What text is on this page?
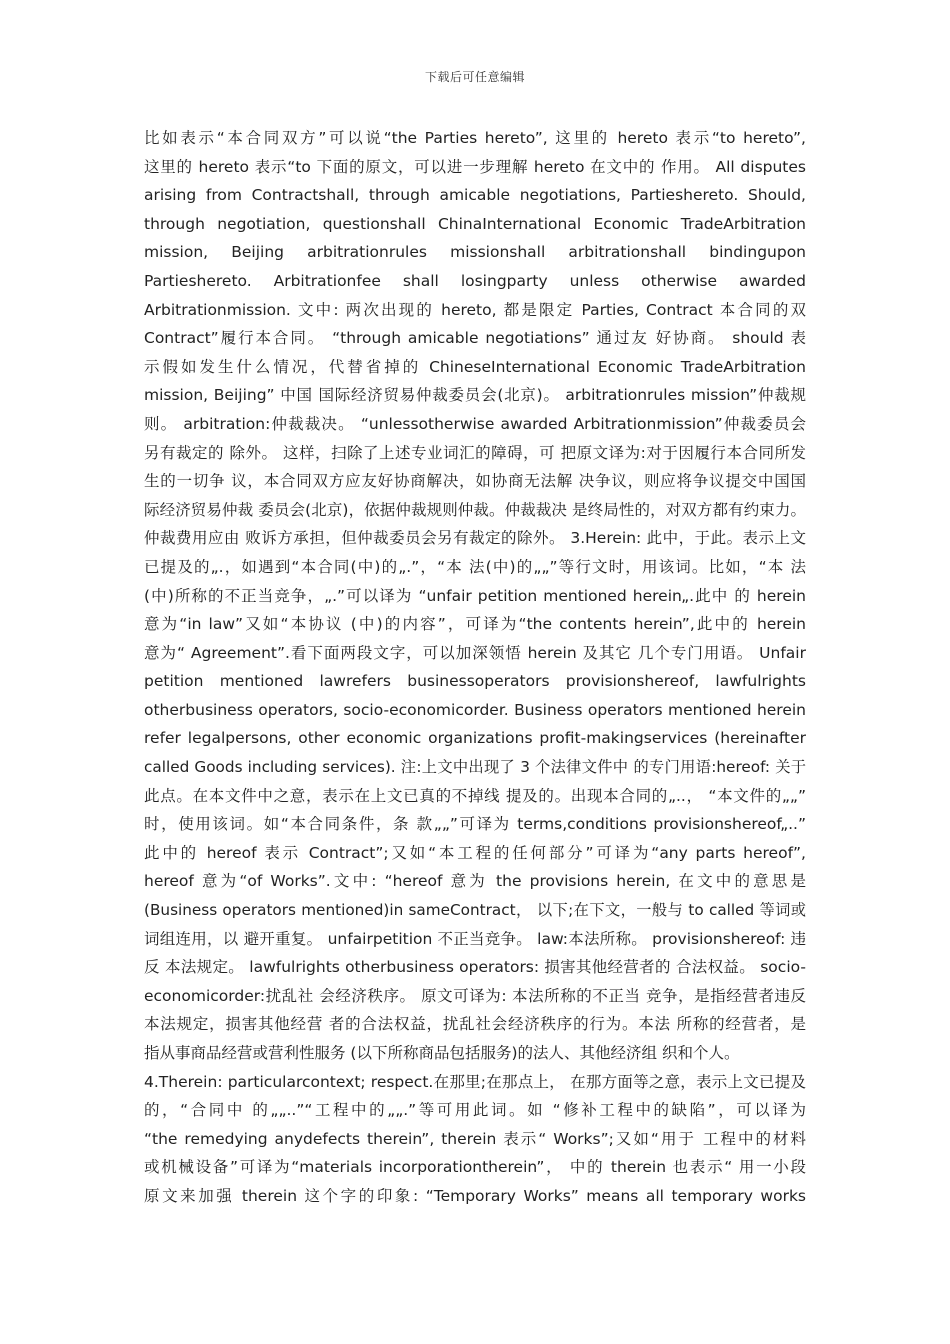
下载后可任意编辑
比如表示“本合同双方”可以说“the Parties hereto”, 这里的 hereto 表示“to hereto”,
这里的 hereto 表示“to 下面的原文，可以进一步理解 hereto 在文中的 作用。 All disputes
arising from Contractshall, through amicable negotiations, Partieshereto. Should,
through negotiation, questionshall ChinaInternational Economic TradeArbitration
mission, Beijing arbitrationrules missionshall arbitrationshall bindingupon
Partieshereto. Arbitrationfee shall losingparty unless otherwise awarded
Arbitrationmission. 文中: 两次出现的 hereto, 都是限定 Parties, Contract 本合同的双
Contract”履行本合同。 “through amicable negotiations” 通过友 好协商。 should 表
示假如发生什么情况，代替省掉的 ChineseInternational Economic TradeArbitration
mission, Beijing” 中国 国际经济贸易仲裁委员会(北京)。 arbitrationrules mission”仲裁规
则。 arbitration:仲裁裁决。 “unlessotherwise awarded Arbitrationmission”仲裁委员会
另有裁定的 除外。 这样，扫除了上述专业词汇的障碍，可 把原文译为:对于因履行本合同所发
生的一切争 议，本合同双方应友好协商解决，如协商无法解 决争议，则应将争议提交中国国
际经济贸易仲裁 委员会(北京)，依据仲裁规则仲裁。仲裁裁决 是终局性的，对双方都有约束力。
仲裁费用应由 败诉方承担，但仲裁委员会另有裁定的除外。 3.Herein: 此中，于此。表示上文
已提及的„.，如遇到“本合同(中)的„.”，“本 法(中)的„„”等行文时，用该词。比如，“本 法
(中)所称的不正当竞争，„.”可以译为 “unfair petition mentioned herein„.此中 的 herein
意为“in law”又如“本协议 (中)的内容”，可译为“the contents herein”,此中的 herein
意为“ Agreement”.看下面两段文字，可以加深领悟 herein 及其它 几个专门用语。 Unfair
petition mentioned lawrefers businessoperators provisionshereof, lawfulrights
otherbusiness operators, socio-economicorder. Business operators mentioned herein
refer legalpersons, other economic organizations profit-makingservices (hereinafter
called Goods including services). 注:上文中出现了 3 个法律文件中 的专门用语:hereof: 关于
此点。在本文件中之意，表示在上文已真的不掉线 提及的。出现本合同的„..， “本文件的„„”
时，使用该词。如“本合同条件，条 款„„”可译为 terms,conditions provisionshereof„..”
此中的 hereof 表示 Contract”;又如“本工程的任何部分”可译为“any parts hereof”,
hereof 意为“of Works”.文中: “hereof 意为 the provisions herein, 在文中的意思是
(Business operators mentioned)in sameContract， 以下;在下文，一般与 to called 等词或
词组连用，以 避开重复。 unfairpetition 不正当竞争。 law:本法所称。 provisionshereof: 违
反 本法规定。 lawfulrights otherbusiness operators: 损害其他经营者的 合法权益。 socio-
economicorder:扰乱社 会经济秩序。 原文可译为: 本法所称的不正当 竞争，是指经营者违反
本法规定，损害其他经营 者的合法权益，扰乱社会经济秩序的行为。本法 所称的经营者，是
指从事商品经营或营利性服务 (以下所称商品包括服务)的法人、其他经济组 织和个人。
4.Therein: particularcontext; respect.在那里;在那点上， 在那方面等之意，表示上文已提及
的，“合同中 的„„..”“工程中的„„.”等可用此词。如 “修补工程中的缺陷”，可以译为
“the remedying anydefects therein”, therein 表示“ Works”;又如“用于 工程中的材料
或机械设备”可译为“materials incorporationtherein”， 中的 therein 也表示“ 用一小段
原文来加强 therein 这个字的印象: “Temporary Works” means all temporary works
